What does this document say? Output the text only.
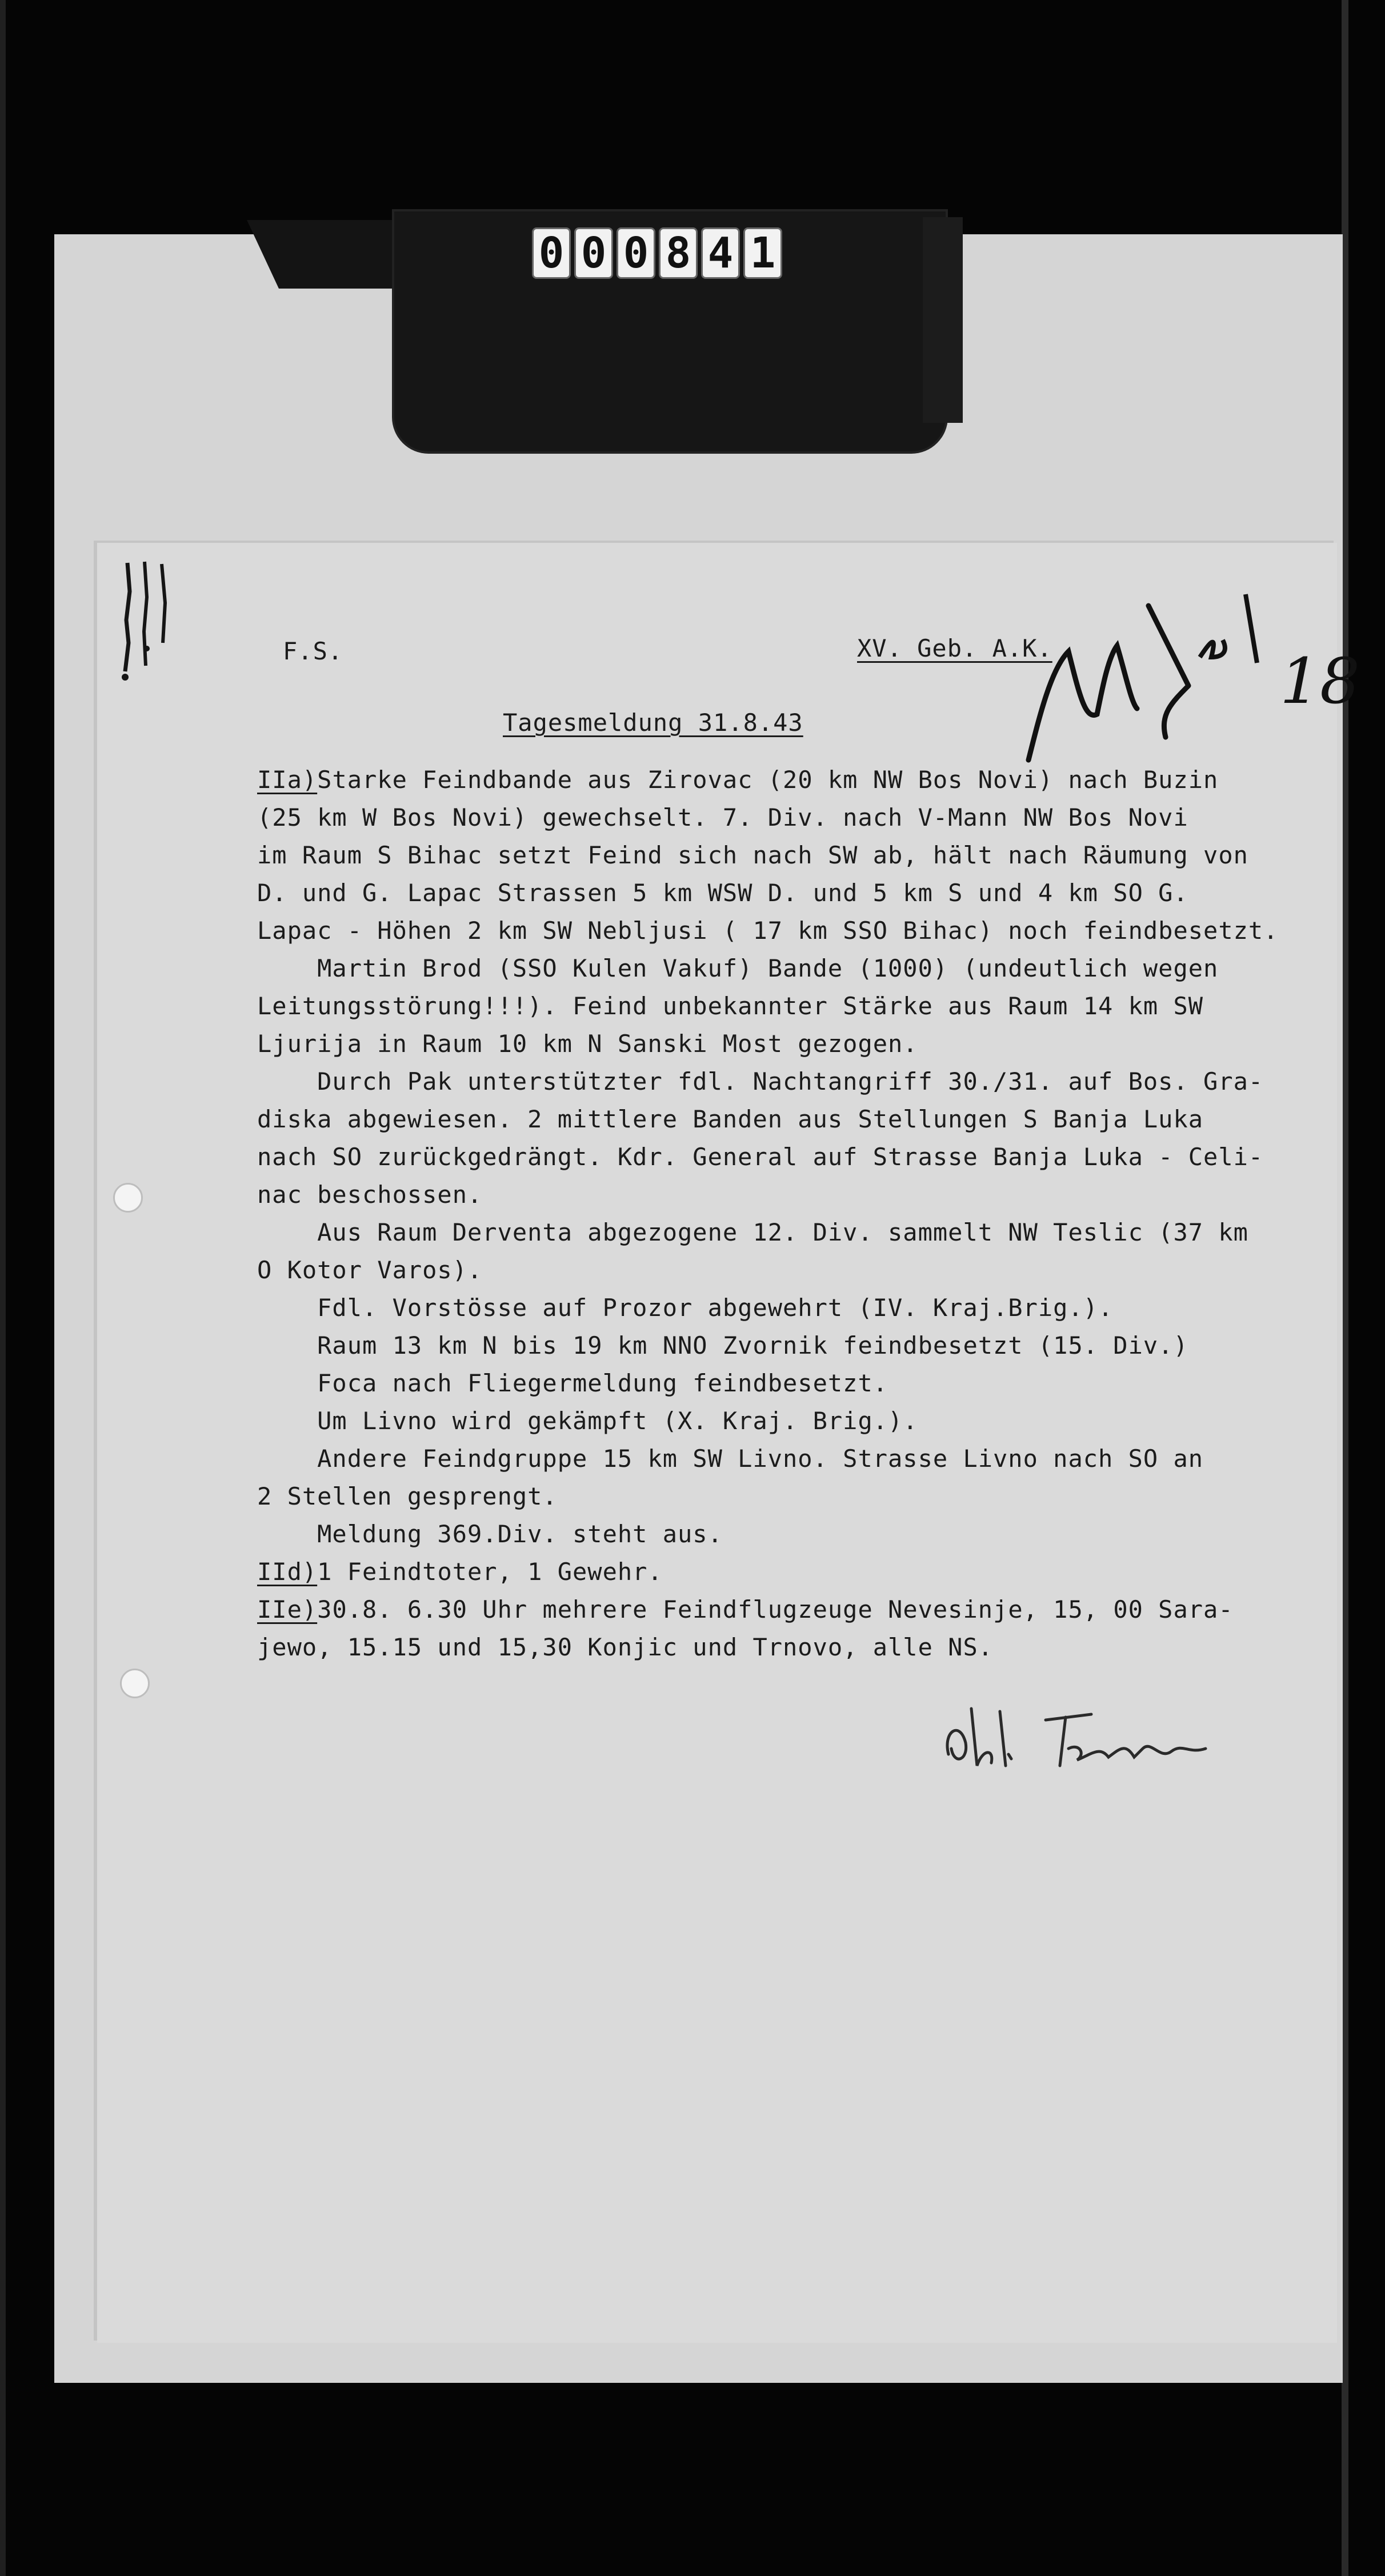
0 0 0 8 4 1
F.S.	XV. Geb. A.K.	18
Tagesmeldung 31.8.43
IIa)Starke Feindbande aus Zirovac (20 km NW Bos Novi) nach Buzin
(25 km W Bos Novi) gewechselt. 7. Div. nach V-Mann NW Bos Novi
im Raum S Bihac setzt Feind sich nach SW ab, hält nach Räumung von
D. und G. Lapac Strassen 5 km WSW D. und 5 km S und 4 km SO G.
Lapac - Höhen 2 km SW Nebljusi ( 17 km SSO Bihac) noch feindbesetzt.
Martin Brod (SSO Kulen Vakuf) Bande (1000) (undeutlich wegen
Leitungsstörung!!!). Feind unbekannter Stärke aus Raum 14 km SW
Ljurija in Raum 10 km N Sanski Most gezogen.
Durch Pak unterstützter fdl. Nachtangriff 30./31. auf Bos. Gra-
diska abgewiesen. 2 mittlere Banden aus Stellungen S Banja Luka
nach SO zurückgedrängt. Kdr. General auf Strasse Banja Luka - Celi-
nac beschossen.
Aus Raum Derventa abgezogene 12. Div. sammelt NW Teslic (37 km
O Kotor Varos).
Fdl. Vorstösse auf Prozor abgewehrt (IV. Kraj.Brig.).
Raum 13 km N bis 19 km NNO Zvornik feindbesetzt (15. Div.)
Foca nach Fliegermeldung feindbesetzt.
Um Livno wird gekämpft (X. Kraj. Brig.).
Andere Feindgruppe 15 km SW Livno. Strasse Livno nach SO an
2 Stellen gesprengt.
Meldung 369.Div. steht aus.
IId)1 Feindtoter, 1 Gewehr.
IIe)30.8. 6.30 Uhr mehrere Feindflugzeuge Nevesinje, 15, 00 Sara-
jewo, 15.15 und 15,30 Konjic und Trnovo, alle NS.
Oblt. Franke
